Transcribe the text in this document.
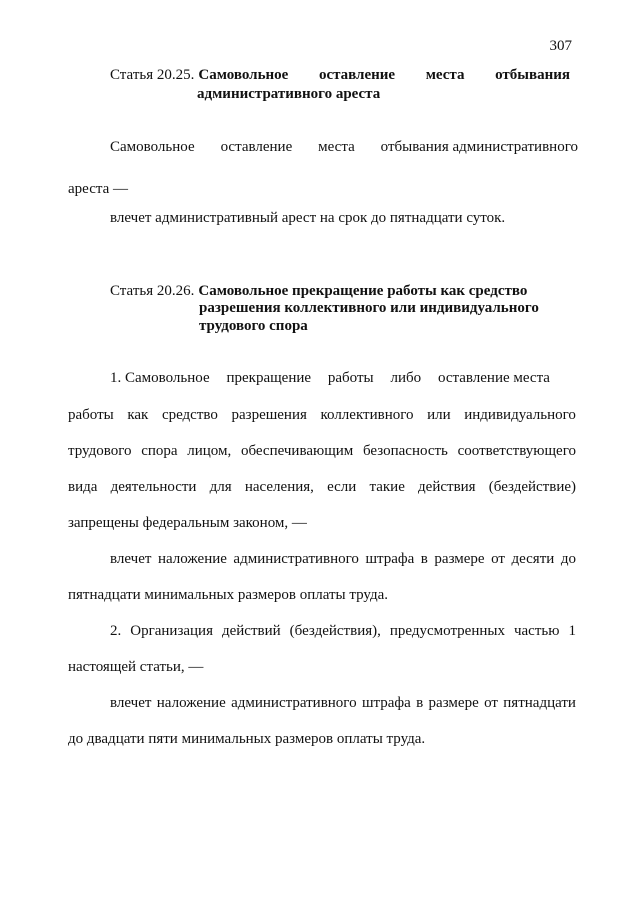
307
Статья 20.25. Самовольное оставление места отбывания
административного ареста
Самовольное оставление места отбывания административного
ареста —
влечет административный арест на срок до пятнадцати суток.
Статья 20.26. Самовольное прекращение работы как средство
разрешения коллективного или индивидуального
трудового спора
1. Самовольное прекращение работы либо оставление места
работы как средство разрешения коллективного или индивидуального
трудового спора лицом, обеспечивающим безопасность соответствующего
вида деятельности для населения, если такие действия (бездействие)
запрещены федеральным законом, —
влечет наложение административного штрафа в размере от десяти до
пятнадцати минимальных размеров оплаты труда.
2. Организация действий (бездействия), предусмотренных частью 1
настоящей статьи, —
влечет наложение административного штрафа в размере от пятнадцати
до двадцати пяти минимальных размеров оплаты труда.
